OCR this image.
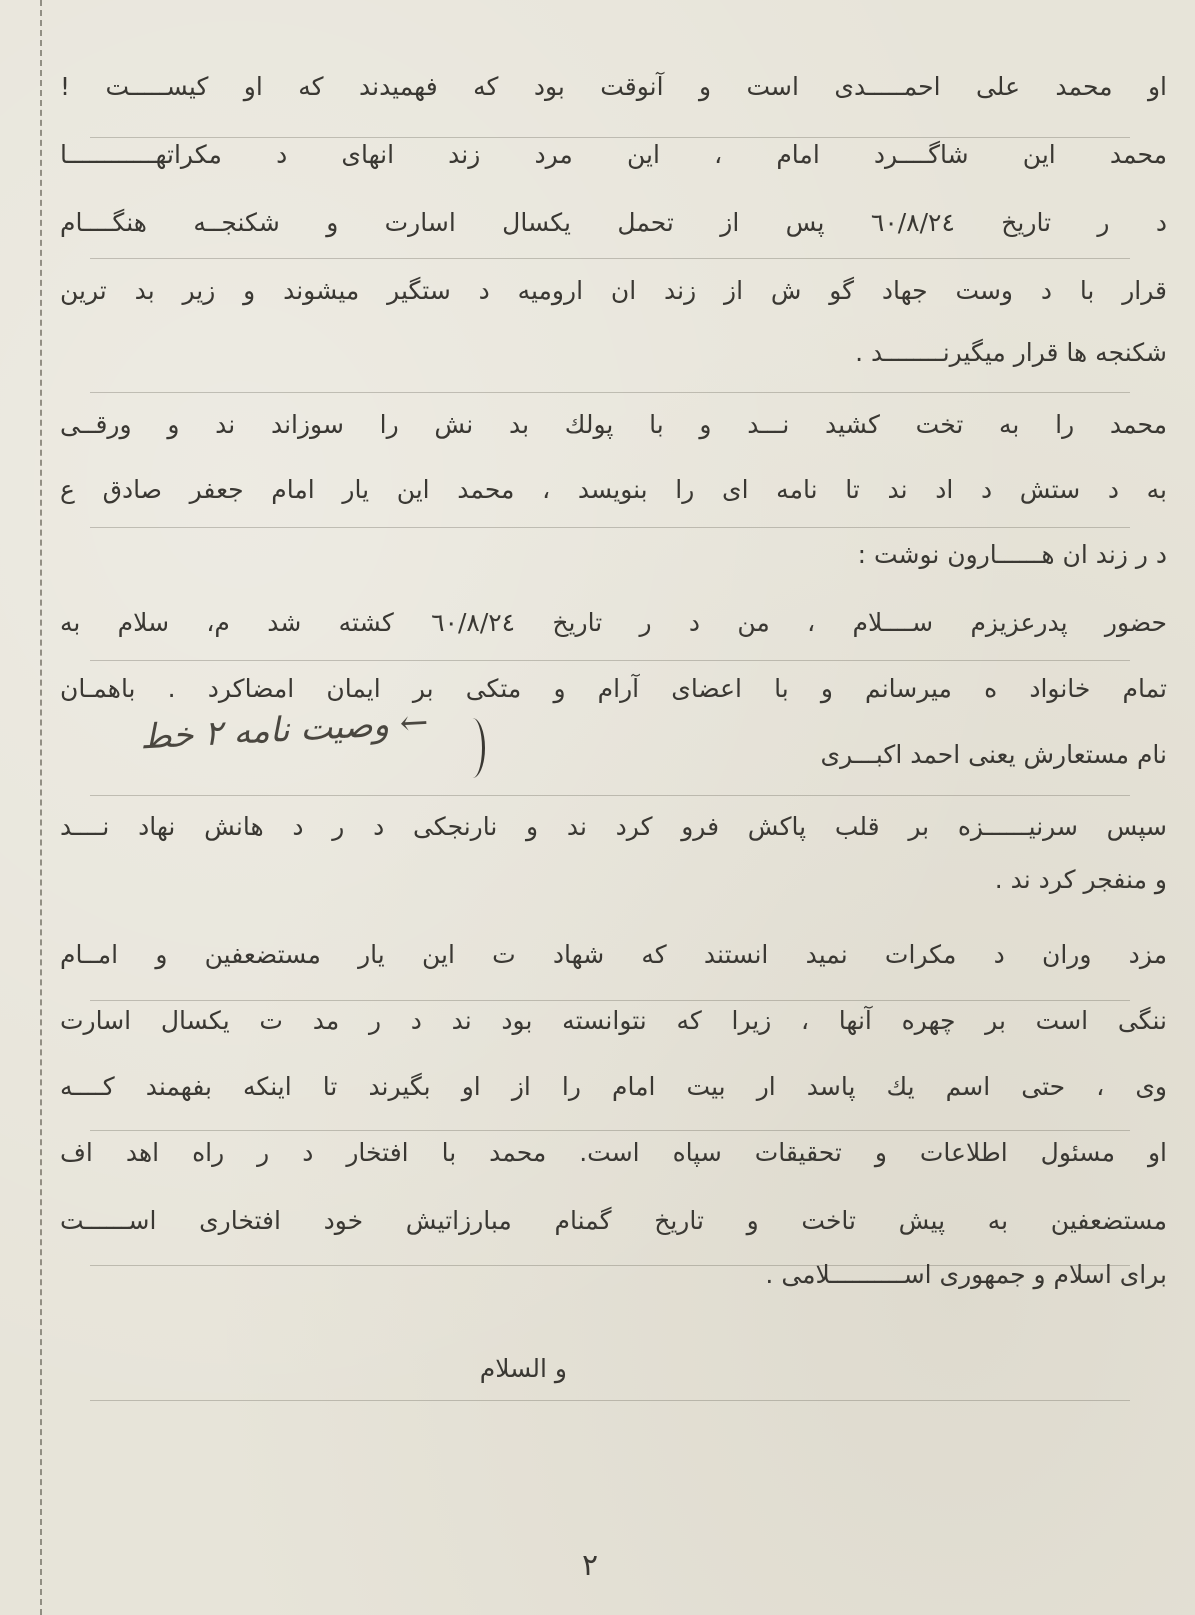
او محمد علی احمـــــدی است و آنوقت بود که فهمیدند که او کیســـــت !
محمد این شاگــــرد امام ، این مرد زند انهای د مکراتهــــــــــــا
د ر تاریخ ٦٠/٨/٢٤ پس از تحمل یکسال اسارت و شکنجــه هنگــــام
قرار با د وست جهاد گو ش از زند ان ارومیه د ستگیر میشوند و زیر بد ترین
شکنجه ها قرار میگیرنــــــــد .
محمد را به تخت کشید نـــد و با پولك بد نش را سوزاند ند و ورقــی
به د ستش د اد ند تا نامه ای را بنویسد ، محمد این یار امام جعفر صادق ع
د ر زند ان هــــــارون نوشت :
حضور پدرعزیزم ســــلام ، من د ر تاریخ ٦٠/٨/٢٤ کشته شد م، سلام به
تمام خانواد ه میرسانم و با اعضای آرام و متکی بر ایمان امضاکرد . باهمـان
نام مستعارش یعنی احمد اکبـــری
سپس سرنیــــــزه بر قلب پاکش فرو کرد ند و نارنجکی د ر د هانش نهاد نــــد
و منفجر کرد ند .
مزد وران د مکرات نمید انستند که شهاد ت این یار مستضعفین و امــام
ننگی است بر چهره آنها ، زیرا که نتوانسته بود ند د ر مد ت یکسال اسارت
وی ، حتی اسم یك پاسد ار بیت امام را از او بگیرند تا اینکه بفهمند کــــه
او مسئول اطلاعات و تحقیقات سپاه است. محمد با افتخار د ر راه اهد اف
مستضعفین به پیش تاخت و تاریخ گمنام مبارزاتیش خود افتخاری اســــــت
برای اسلام و جمهوری اســــــــــلامی .
و السلام
← وصیت نامه ۲ خط
٢
